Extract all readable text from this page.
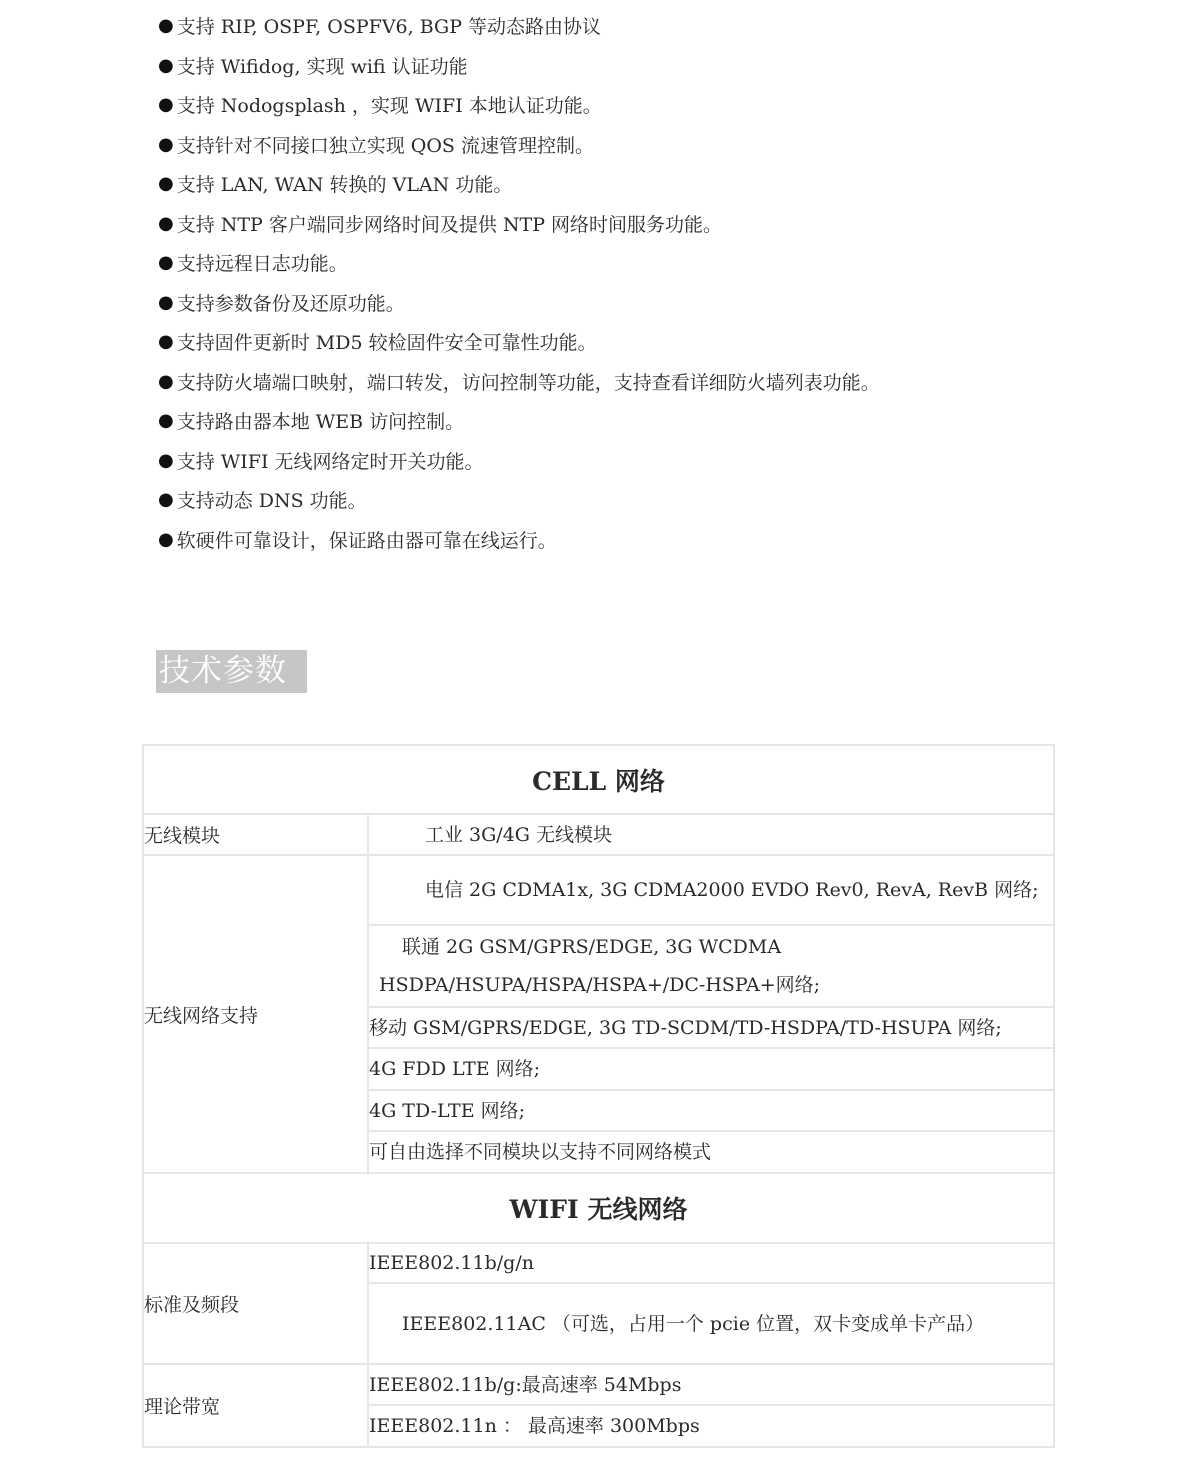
● 支持 RIP, OSPF, OSPFV6, BGP 等动态路由协议
● 支持 Wifidog, 实现 wifi 认证功能
● 支持 Nodogsplash ，实现 WIFI 本地认证功能。
● 支持针对不同接口独立实现 QOS 流速管理控制。
● 支持 LAN, WAN 转换的 VLAN 功能。
● 支持 NTP 客户端同步网络时间及提供 NTP 网络时间服务功能。
● 支持远程日志功能。
● 支持参数备份及还原功能。
● 支持固件更新时 MD5 较检固件安全可靠性功能。
● 支持防火墙端口映射，端口转发，访问控制等功能，支持查看详细防火墙列表功能。
● 支持路由器本地 WEB 访问控制。
● 支持 WIFI 无线网络定时开关功能。
● 支持动态 DNS 功能。
● 软硬件可靠设计，保证路由器可靠在线运行。
技术参数
CELL 网络	
无线模块	工业 3G/4G 无线模块
无线网络支持	电信 2G CDMA1x, 3G CDMA2000 EVDO Rev0, RevA, RevB 网络;
	联通 2G GSM/GPRS/EDGE, 3G WCDMA HSDPA/HSUPA/HSPA/HSPA+/DC-HSPA+网络;
	移动 GSM/GPRS/EDGE, 3G TD-SCDM/TD-HSDPA/TD-HSUPA 网络;
	4G FDD LTE 网络;
	4G TD-LTE 网络;
	可自由选择不同模块以支持不同网络模式
WIFI 无线网络	
标准及频段	IEEE802.11b/g/n
	IEEE802.11AC （可选，占用一个 pcie 位置，双卡变成单卡产品）
理论带宽	IEEE802.11b/g:最高速率 54Mbps
	IEEE802.11n ： 最高速率 300Mbps
